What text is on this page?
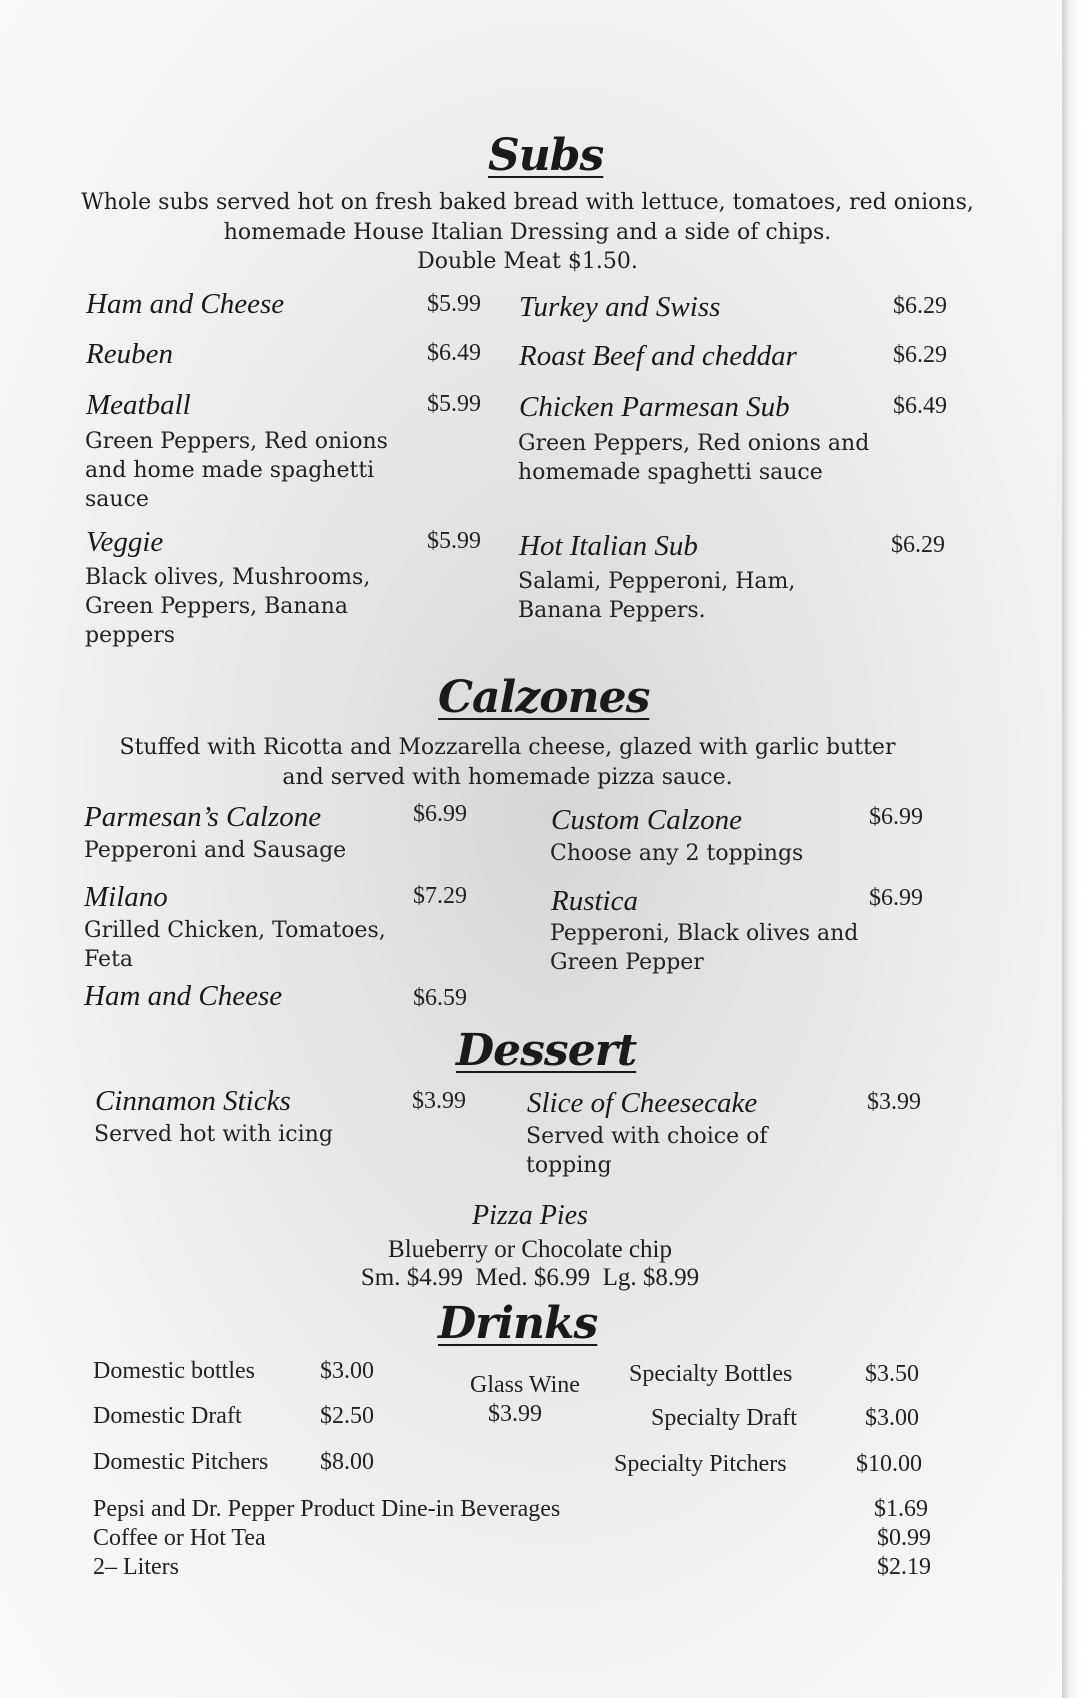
Subs

Whole subs served hot on fresh baked bread with lettuce, tomatoes, red onions, homemade House Italian Dressing and a side of chips.

Double Meat $1.50.
Ham and Cheese	$5.99 Turkey and Swiss	$6.29
Reuben	$6.49 Roast Beef and cheddar	$6.29
Meatball	$5.99

Green Peppers, Red onions and home made spaghetti sauce

Chicken Parmesan Sub	$6.49

Green Peppers, Red onions and homemade spaghetti sauce

Veggie	$5.99

Black olives, Mushrooms, Green Peppers, Banana peppers

Hot Italian Sub	$6.29

Salami, Pepperoni, Ham, Banana Peppers.

Calzones

Stuffed with Ricotta and Mozzarella cheese, glazed with garlic butter and served with homemade pizza sauce.

Parmesan’s Calzone	$6.99

Pepperoni and Sausage

Custom Calzone	$6.99

Choose any 2 toppings

Milano	$7.29

Grilled Chicken, Tomatoes, Feta

Rustica	$6.99

Pepperoni, Black olives and Green Pepper

Ham and Cheese	$6.59
Dessert
Cinnamon Sticks	$3.99

Served hot with icing

Slice of Cheesecake	$3.99

Served with choice of topping

Pizza Pies
Blueberry or Chocolate chip
Sm. $4.99  Med. $6.99  Lg. $8.99
Drinks
Domestic bottles	$3.00
Domestic Draft	$2.50

Domestic Pitchers	$8.00
Glass Wine
$3.99
Specialty Bottles	$3.50
Specialty Draft	$3.00
Specialty Pitchers	$10.00
Pepsi and Dr. Pepper Product Dine-in Beverages	$1.69
Coffee or Hot Tea	$0.99
2– Liters	$2.19
